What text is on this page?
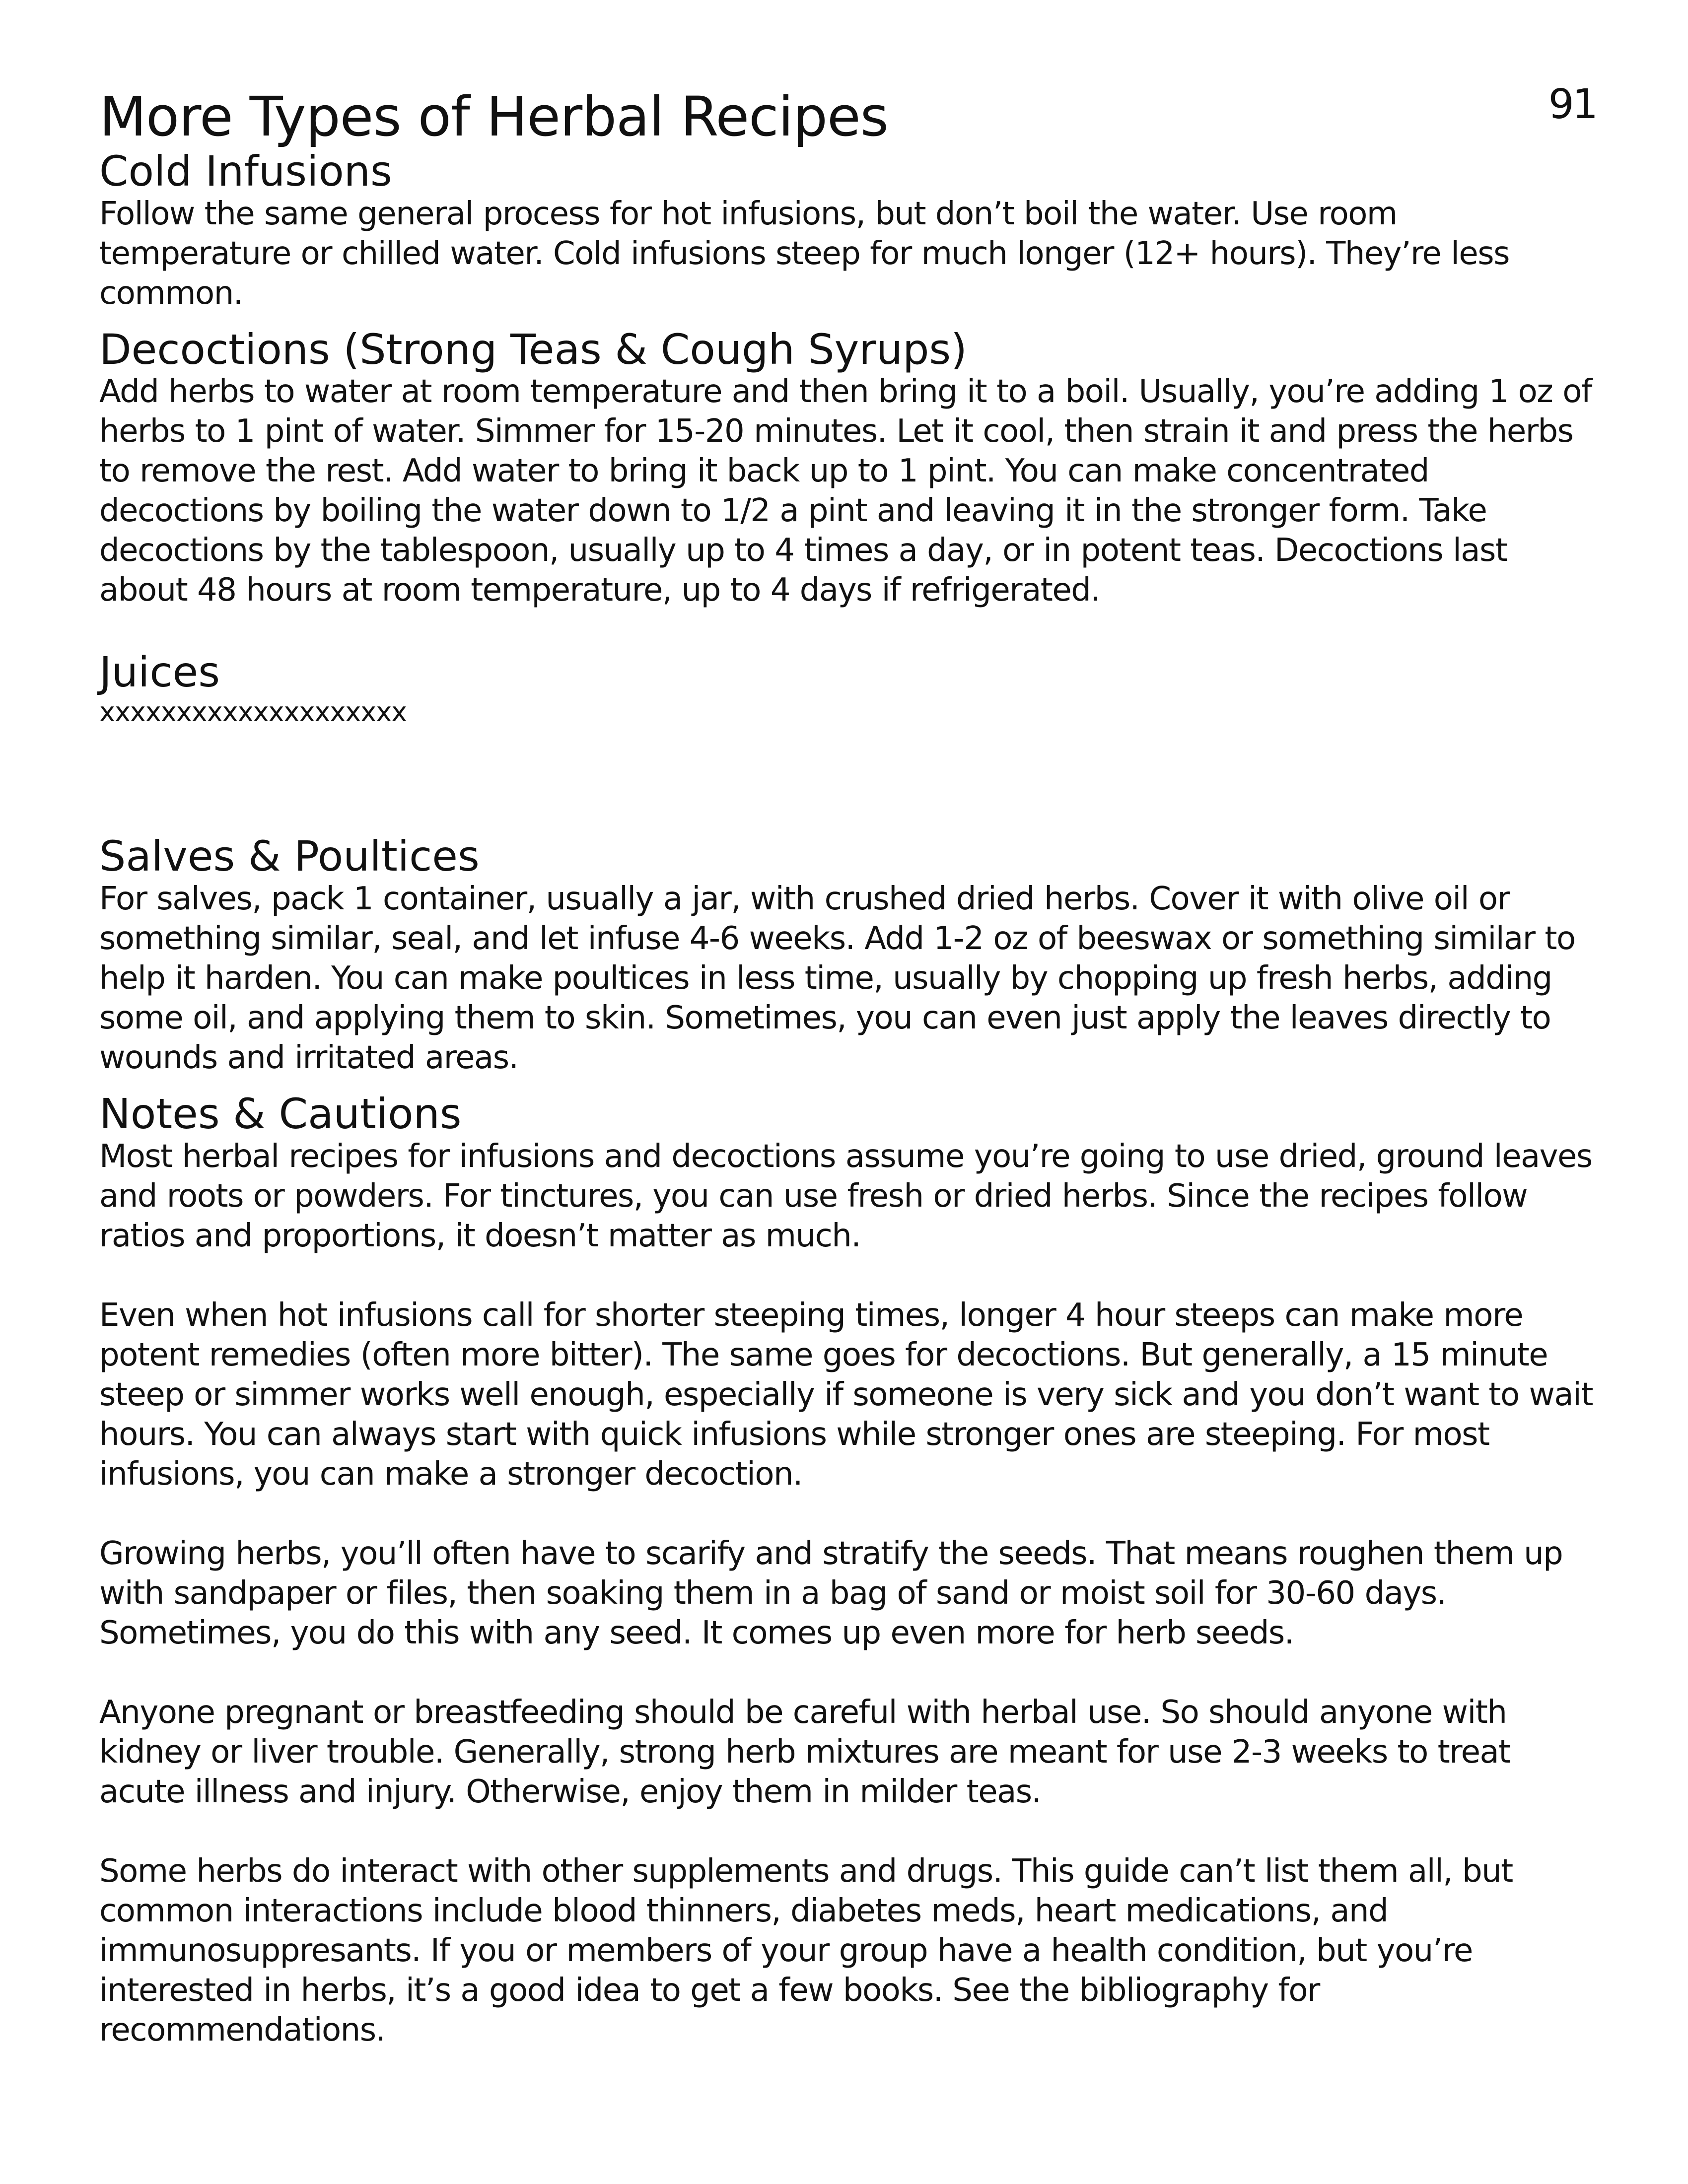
91
More Types of Herbal Recipes
Cold Infusions

Follow the same general process for hot infusions, but don’t boil the water. Use room temperature or chilled water. Cold infusions steep for much longer (12+ hours). They’re less common.

Decoctions (Strong Teas & Cough Syrups)

Add herbs to water at room temperature and then bring it to a boil. Usually, you’re adding 1 oz of herbs to 1 pint of water. Simmer for 15-20 minutes. Let it cool, then strain it and press the herbs to remove the rest. Add water to bring it back up to 1 pint. You can make concentrated decoctions by boiling the water down to 1/2 a pint and leaving it in the stronger form. Take decoctions by the tablespoon, usually up to 4 times a day, or in potent teas. Decoctions last about 48 hours at room temperature, up to 4 days if refrigerated.

Juices

xxxxxxxxxxxxxxxxxxxx

Salves & Poultices

For salves, pack 1 container, usually a jar, with crushed dried herbs. Cover it with olive oil or something similar, seal, and let infuse 4-6 weeks. Add 1-2 oz of beeswax or something similar to help it harden. You can make poultices in less time, usually by chopping up fresh herbs, adding some oil, and applying them to skin. Sometimes, you can even just apply the leaves directly to wounds and irritated areas.

Notes & Cautions

Most herbal recipes for infusions and decoctions assume you’re going to use dried, ground leaves and roots or powders. For tinctures, you can use fresh or dried herbs. Since the recipes follow ratios and proportions, it doesn’t matter as much.

Even when hot infusions call for shorter steeping times, longer 4 hour steeps can make more potent remedies (often more bitter). The same goes for decoctions. But generally, a 15 minute steep or simmer works well enough, especially if someone is very sick and you don’t want to wait hours. You can always start with quick infusions while stronger ones are steeping. For most infusions, you can make a stronger decoction.

Growing herbs, you’ll often have to scarify and stratify the seeds. That means roughen them up with sandpaper or files, then soaking them in a bag of sand or moist soil for 30-60 days. Sometimes, you do this with any seed. It comes up even more for herb seeds.

Anyone pregnant or breastfeeding should be careful with herbal use. So should anyone with kidney or liver trouble. Generally, strong herb mixtures are meant for use 2-3 weeks to treat acute illness and injury. Otherwise, enjoy them in milder teas.

Some herbs do interact with other supplements and drugs. This guide can’t list them all, but common interactions include blood thinners, diabetes meds, heart medications, and immunosuppresants. If you or members of your group have a health condition, but you’re interested in herbs, it’s a good idea to get a few books. See the bibliography for recommendations.
